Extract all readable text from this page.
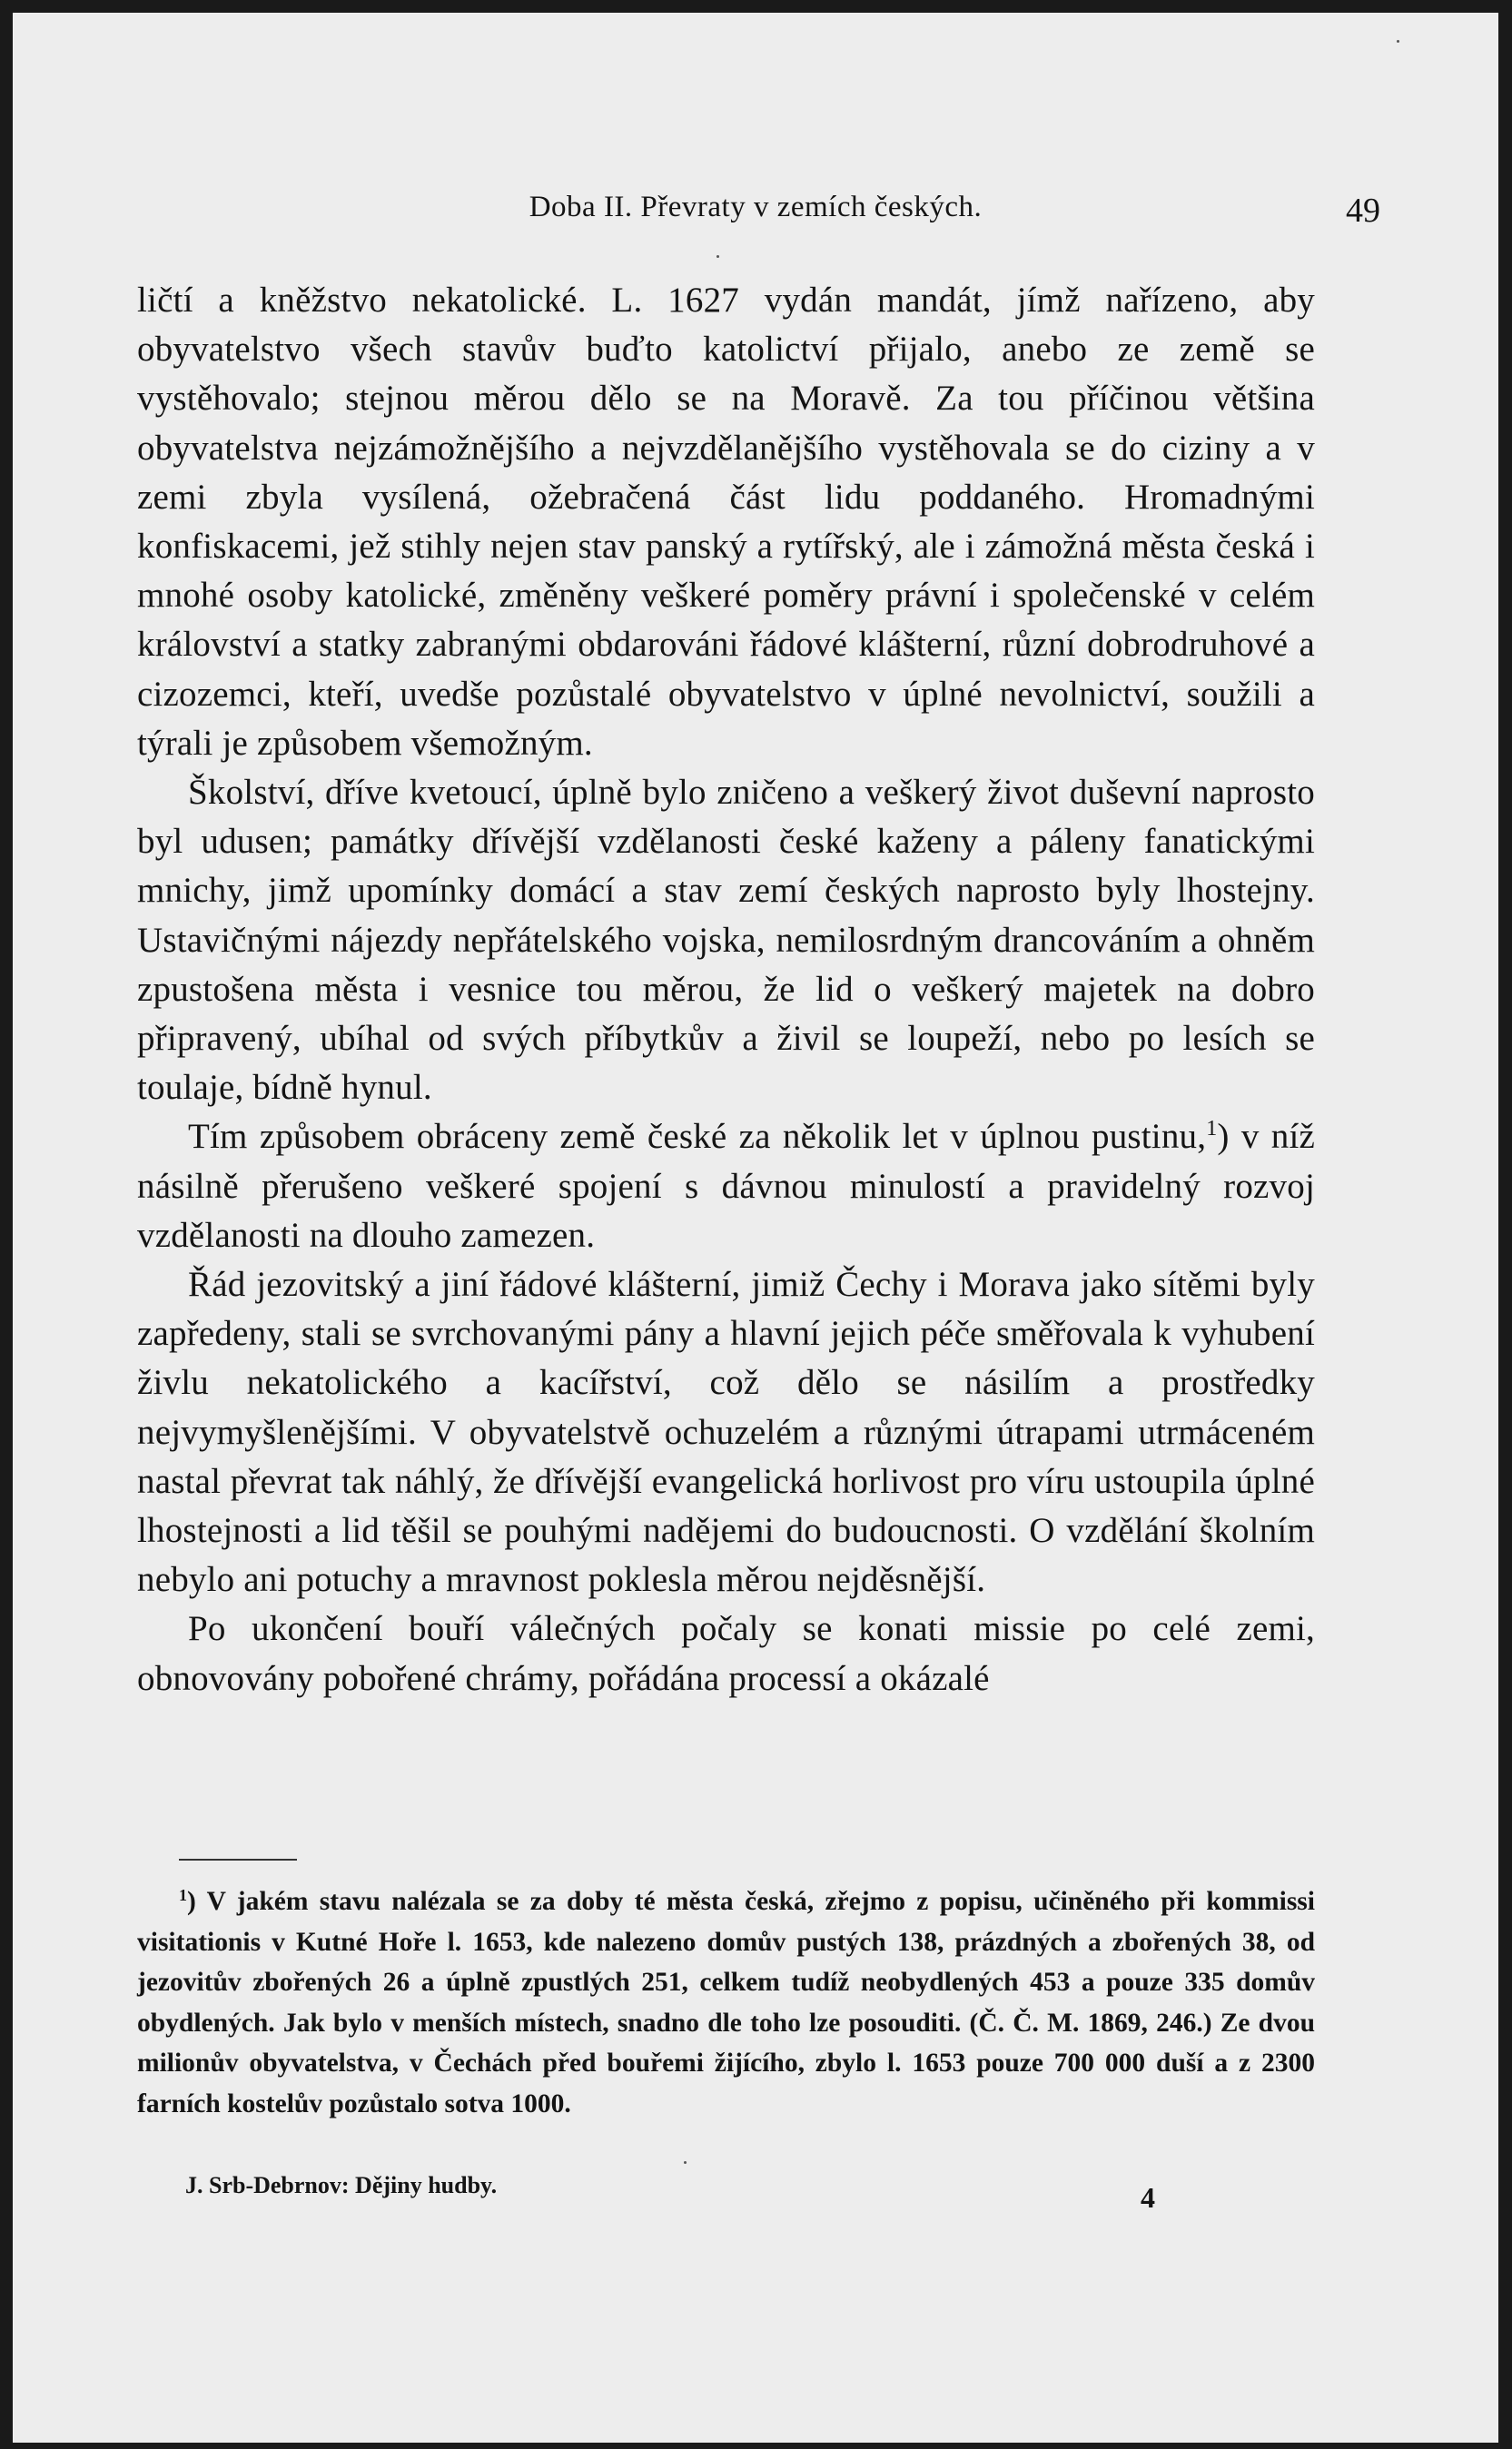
Doba II. Převraty v zemích českých.	49

ličtí a kněžstvo nekatolické. L. 1627 vydán mandát, jímž nařízeno, aby obyvatelstvo všech stavův buďto katolictví přijalo, anebo ze země se vystěhovalo; stejnou měrou dělo se na Moravě. Za tou příčinou většina obyvatelstva nejzámožnějšího a nejvzdělanějšího vystěhovala se do ciziny a v zemi zbyla vysílená, ožebračená část lidu poddaného. Hromadnými konfiskacemi, jež stihly nejen stav panský a rytířský, ale i zámožná města česká i mnohé osoby katolické, změněny veškeré poměry právní i společenské v celém království a statky zabranými obdarováni řádové klášterní, různí dobrodruhové a cizozemci, kteří, uvedše pozůstalé obyvatelstvo v úplné nevolnictví, soužili a týrali je způsobem všemožným.

Školství, dříve kvetoucí, úplně bylo zničeno a veškerý život duševní naprosto byl udusen; památky dřívější vzdělanosti české kaženy a páleny fanatickými mnichy, jimž upomínky domácí a stav zemí českých naprosto byly lhostejny. Ustavičnými nájezdy nepřátelského vojska, nemilosrdným drancováním a ohněm zpustošena města i vesnice tou měrou, že lid o veškerý majetek na dobro připravený, ubíhal od svých příbytkův a živil se loupeží, nebo po lesích se toulaje, bídně hynul.

Tím způsobem obráceny země české za několik let v úplnou pustinu,$^1$) v níž násilně přerušeno veškeré spojení s dávnou minulostí a pravidelný rozvoj vzdělanosti na dlouho zamezen.

Řád jezovitský a jiní řádové klášterní, jimiž Čechy i Morava jako sítěmi byly zapředeny, stali se svrchovanými pány a hlavní jejich péče směřovala k vyhubení živlu nekatolického a kacířství, což dělo se násilím a prostředky nejvymyšlenějšími. V obyvatelstvě ochuzelém a různými útrapami utrmáceném nastal převrat tak náhlý, že dřívější evangelická horlivost pro víru ustoupila úplné lhostejnosti a lid těšil se pouhými nadějemi do budoucnosti. O vzdělání školním nebylo ani potuchy a mravnost poklesla měrou nejděsnější.

Po ukončení bouří válečných počaly se konati missie po celé zemi, obnovovány pobořené chrámy, pořádána processí a okázalé

$^1$) V jakém stavu nalézala se za doby té města česká, zřejmo z popisu, učiněného při kommissi visitationis v Kutné Hoře l. 1653, kde nalezeno domův pustých 138, prázdných a zbořených 38, od jezovitův zbořených 26 a úplně zpustlých 251, celkem tudíž neobydlených 453 a pouze 335 domův obydlených. Jak bylo v menších místech, snadno dle toho lze posouditi. (Č. Č. M. 1869, 246.) Ze dvou milionův obyvatelstva, v Čechách před bouřemi žijícího, zbylo l. 1653 pouze 700 000 duší a z 2300 farních kostelův pozůstalo sotva 1000.

J. Srb-Debrnov: Dějiny hudby.	4
